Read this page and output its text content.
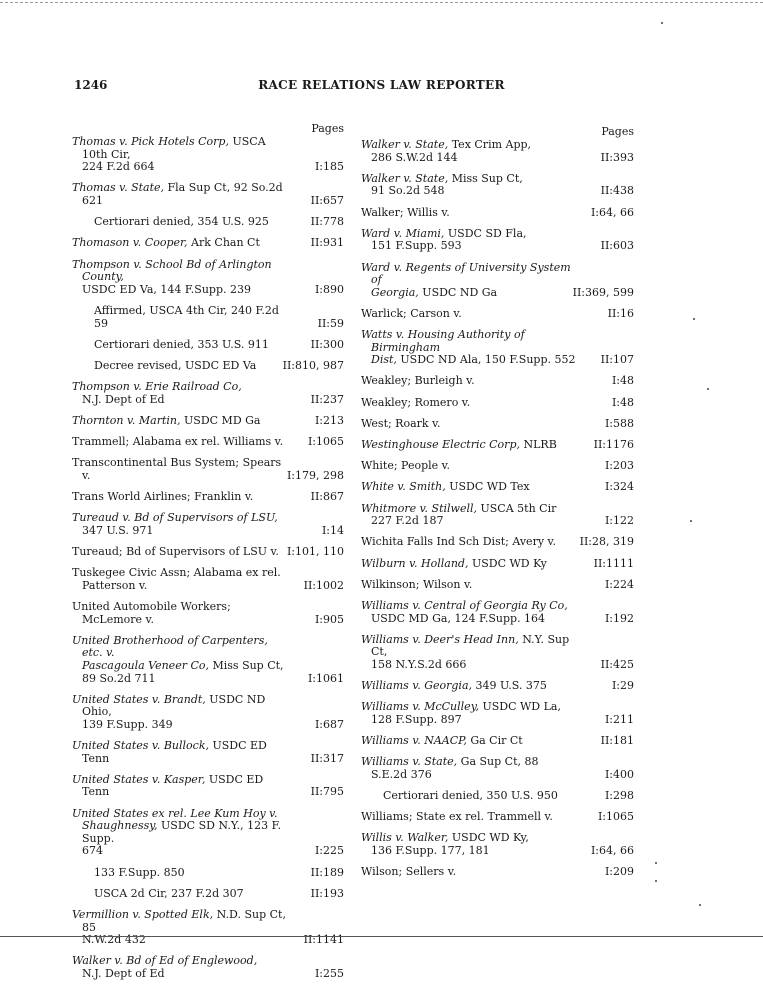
1246	RACE RELATIONS LAW REPORTER
Pages
Thomas v. Pick Hotels Corp, USCA 10th Cir,
224 F.2d 664	I:185
Thomas v. State, Fla Sup Ct, 92 So.2d 621	II:657
Certiorari denied, 354 U.S. 925	II:778
Thomason v. Cooper, Ark Chan Ct	II:931
Thompson v. School Bd of Arlington County,
USDC ED Va, 144 F.Supp. 239	I:890
Affirmed, USCA 4th Cir, 240 F.2d 59	II:59
Certiorari denied, 353 U.S. 911	II:300
Decree revised, USDC ED Va	II:810, 987
Thompson v. Erie Railroad Co,
N.J. Dept of Ed	II:237
Thornton v. Martin, USDC MD Ga	I:213
Trammell; Alabama ex rel. Williams v.	I:1065
Transcontinental Bus System; Spears v.	I:179, 298
Trans World Airlines; Franklin v.	II:867
Tureaud v. Bd of Supervisors of LSU,
347 U.S. 971	I:14
Tureaud; Bd of Supervisors of LSU v. I:101, 110
Tuskegee Civic Assn; Alabama ex rel.
Patterson v.	II:1002
United Automobile Workers; McLemore v.	I:905
United Brotherhood of Carpenters, etc. v.
Pascagoula Veneer Co, Miss Sup Ct,
89 So.2d 711	I:1061
United States v. Brandt, USDC ND Ohio,
139 F.Supp. 349	I:687
United States v. Bullock, USDC ED Tenn	II:317
United States v. Kasper, USDC ED Tenn	II:795
United States ex rel. Lee Kum Hoy v.
Shaughnessy, USDC SD N.Y., 123 F. Supp.
674	I:225
133 F.Supp. 850	II:189
USCA 2d Cir, 237 F.2d 307	II:193
Vermillion v. Spotted Elk, N.D. Sup Ct, 85
N.W.2d 432	II:1141
Walker v. Bd of Ed of Englewood,
N.J. Dept of Ed	I:255
Pages
Walker v. State, Tex Crim App,
286 S.W.2d 144	II:393
Walker v. State, Miss Sup Ct,
91 So.2d 548	II:438
Walker; Willis v.	I:64, 66
Ward v. Miami, USDC SD Fla,
151 F.Supp. 593	II:603
Ward v. Regents of University System of
Georgia, USDC ND Ga	II:369, 599
Warlick; Carson v.	II:16
Watts v. Housing Authority of Birmingham
Dist, USDC ND Ala, 150 F.Supp. 552	II:107
Weakley; Burleigh v.	I:48
Weakley; Romero v.	I:48
West; Roark v.	I:588
Westinghouse Electric Corp, NLRB	II:1176
White; People v.	I:203
White v. Smith, USDC WD Tex	I:324
Whitmore v. Stilwell, USCA 5th Cir
227 F.2d 187	I:122
Wichita Falls Ind Sch Dist; Avery v.	II:28, 319
Wilburn v. Holland, USDC WD Ky	II:1111
Wilkinson; Wilson v.	I:224
Williams v. Central of Georgia Ry Co,
USDC MD Ga, 124 F.Supp. 164	I:192
Williams v. Deer's Head Inn, N.Y. Sup Ct,
158 N.Y.S.2d 666	II:425
Williams v. Georgia, 349 U.S. 375	I:29
Williams v. McCulley, USDC WD La,
128 F.Supp. 897	I:211
Williams v. NAACP, Ga Cir Ct	II:181
Williams v. State, Ga Sup Ct, 88 S.E.2d 376	I:400
Certiorari denied, 350 U.S. 950	I:298
Williams; State ex rel. Trammell v.	I:1065
Willis v. Walker, USDC WD Ky,
136 F.Supp. 177, 181	I:64, 66
Wilson; Sellers v.	I:209
